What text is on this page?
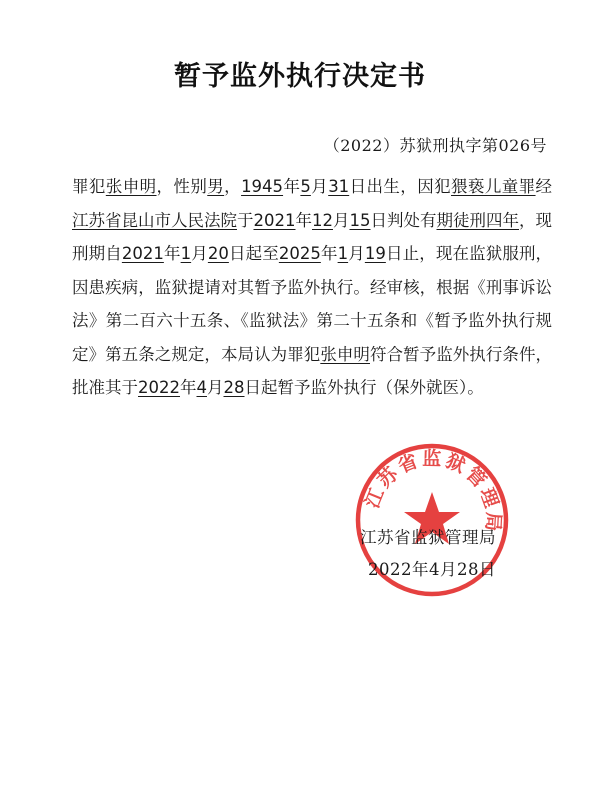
暂予监外执行决定书
（2022）苏狱刑执字第026号

罪犯张申明，性别男，1945年5月31日出生，因犯猥亵儿童罪经江苏省昆山市人民法院于2021年12月15日判处有期徒刑四年，现刑期自2021年1月20日起至2025年1月19日止，现在监狱服刑，因患疾病，监狱提请对其暂予监外执行。经审核，根据《刑事诉讼法》第二百六十五条、《监狱法》第二十五条和《暂予监外执行规定》第五条之规定，本局认为罪犯张申明符合暂予监外执行条件，批准其于2022年4月28日起暂予监外执行（保外就医）。

江苏省监狱管理局
江苏省监狱管理局
2022年4月28日
